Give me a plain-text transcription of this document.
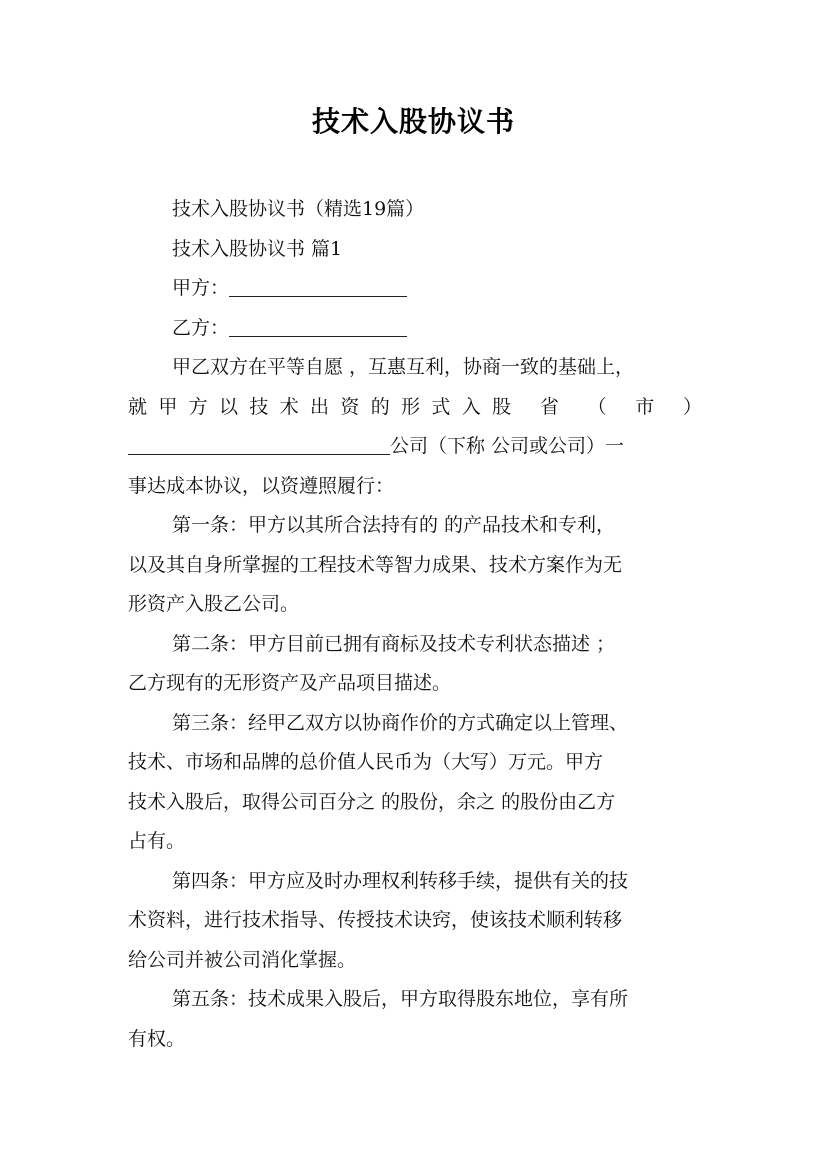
技术入股协议书
技术入股协议书（精选19篇）
技术入股协议书 篇1
甲方：
乙方：
甲乙双方在平等自愿 ，互惠互利，协商一致的基础上，
就甲方以技术出资的形式入股 省 （ 市 ）
公司（下称 公司或公司）一
事达成本协议，以资遵照履行：
第一条：甲方以其所合法持有的 的产品技术和专利，
以及其自身所掌握的工程技术等智力成果、技术方案作为无
形资产入股乙公司。
第二条：甲方目前已拥有商标及技术专利状态描述 ；
乙方现有的无形资产及产品项目描述。
第三条：经甲乙双方以协商作价的方式确定以上管理、
技术、市场和品牌的总价值人民币为（大写）万元。甲方
技术入股后，取得公司百分之 的股份，余之 的股份由乙方
占有。
第四条：甲方应及时办理权利转移手续，提供有关的技
术资料，进行技术指导、传授技术诀窍，使该技术顺利转移
给公司并被公司消化掌握。
第五条：技术成果入股后，甲方取得股东地位，享有所
有权。
